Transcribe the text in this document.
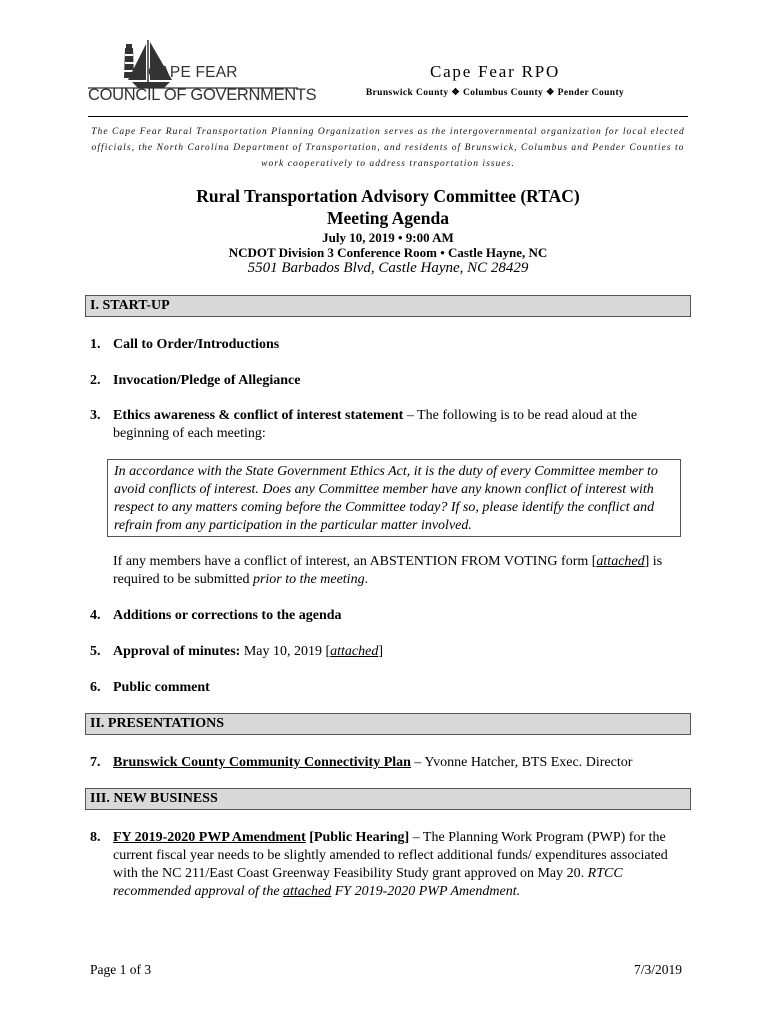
CAPE FEAR
COUNCIL OF GOVERNMENTS
Cape Fear RPO
Brunswick County ❖ Columbus County ❖ Pender County
The Cape Fear Rural Transportation Planning Organization serves as the intergovernmental organization for local elected officials, the North Carolina Department of Transportation, and residents of Brunswick, Columbus and Pender Counties to work cooperatively to address transportation issues.
Rural Transportation Advisory Committee (RTAC)
Meeting Agenda
July 10, 2019 • 9:00 AM
NCDOT Division 3 Conference Room • Castle Hayne, NC
5501 Barbados Blvd, Castle Hayne, NC 28429
I. START-UP
1. Call to Order/Introductions
2. Invocation/Pledge of Allegiance
3. Ethics awareness & conflict of interest statement – The following is to be read aloud at the beginning of each meeting:
In accordance with the State Government Ethics Act, it is the duty of every Committee member to avoid conflicts of interest. Does any Committee member have any known conflict of interest with respect to any matters coming before the Committee today? If so, please identify the conflict and refrain from any participation in the particular matter involved.
If any members have a conflict of interest, an ABSTENTION FROM VOTING form [attached] is required to be submitted prior to the meeting.
4. Additions or corrections to the agenda
5. Approval of minutes: May 10, 2019 [attached]
6. Public comment
II. PRESENTATIONS
7. Brunswick County Community Connectivity Plan – Yvonne Hatcher, BTS Exec. Director
III. NEW BUSINESS
8. FY 2019-2020 PWP Amendment [Public Hearing] – The Planning Work Program (PWP) for the current fiscal year needs to be slightly amended to reflect additional funds/ expenditures associated with the NC 211/East Coast Greenway Feasibility Study grant approved on May 20. RTCC recommended approval of the attached FY 2019-2020 PWP Amendment.
Page 1 of 3	7/3/2019
